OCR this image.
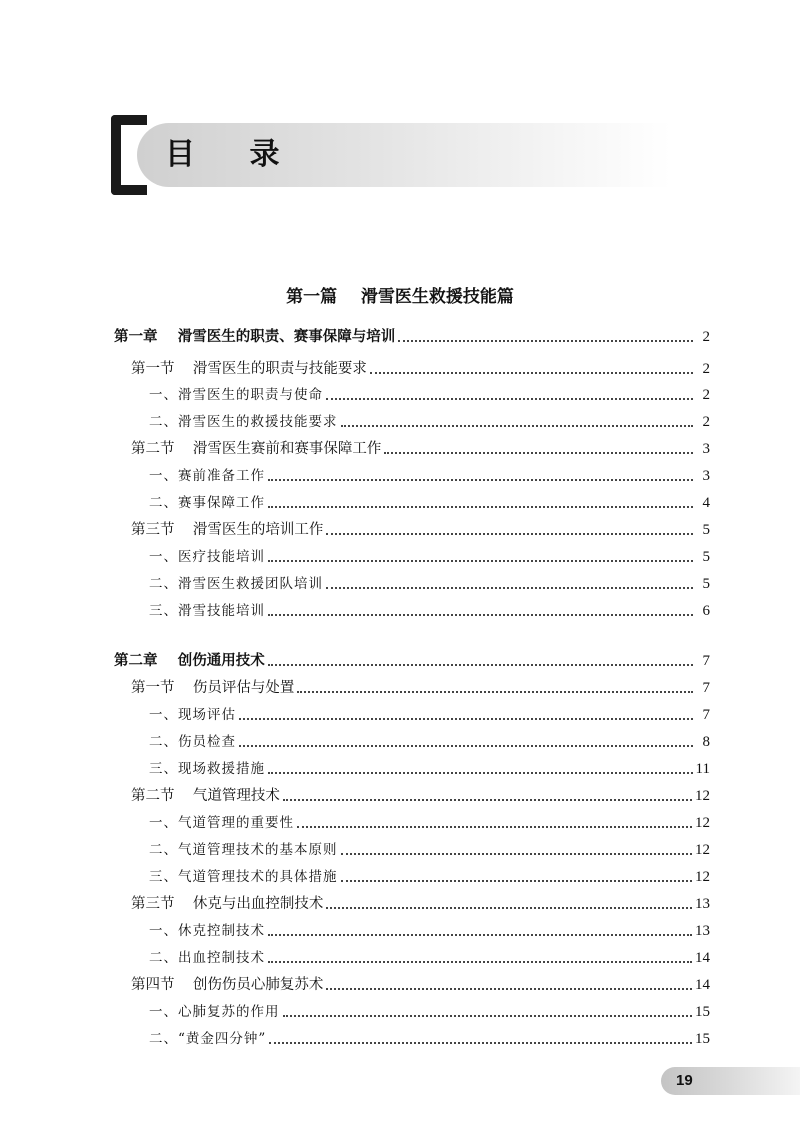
目 录
第一篇    滑雪医生救援技能篇
第一章    滑雪医生的职责、赛事保障与培训	2
第一节    滑雪医生的职责与技能要求	2
一、滑雪医生的职责与使命	2
二、滑雪医生的救援技能要求	2
第二节    滑雪医生赛前和赛事保障工作	3
一、赛前准备工作	3
二、赛事保障工作	4
第三节    滑雪医生的培训工作	5
一、医疗技能培训	5
二、滑雪医生救援团队培训	5
三、滑雪技能培训	6
第二章    创伤通用技术	7
第一节    伤员评估与处置	7
一、现场评估	7
二、伤员检查	8
三、现场救援措施	11
第二节    气道管理技术	12
一、气道管理的重要性	12
二、气道管理技术的基本原则	12
三、气道管理技术的具体措施	12
第三节    休克与出血控制技术	13
一、休克控制技术	13
二、出血控制技术	14
第四节    创伤伤员心肺复苏术	14
一、心肺复苏的作用	15
二、“黄金四分钟”	15
19
